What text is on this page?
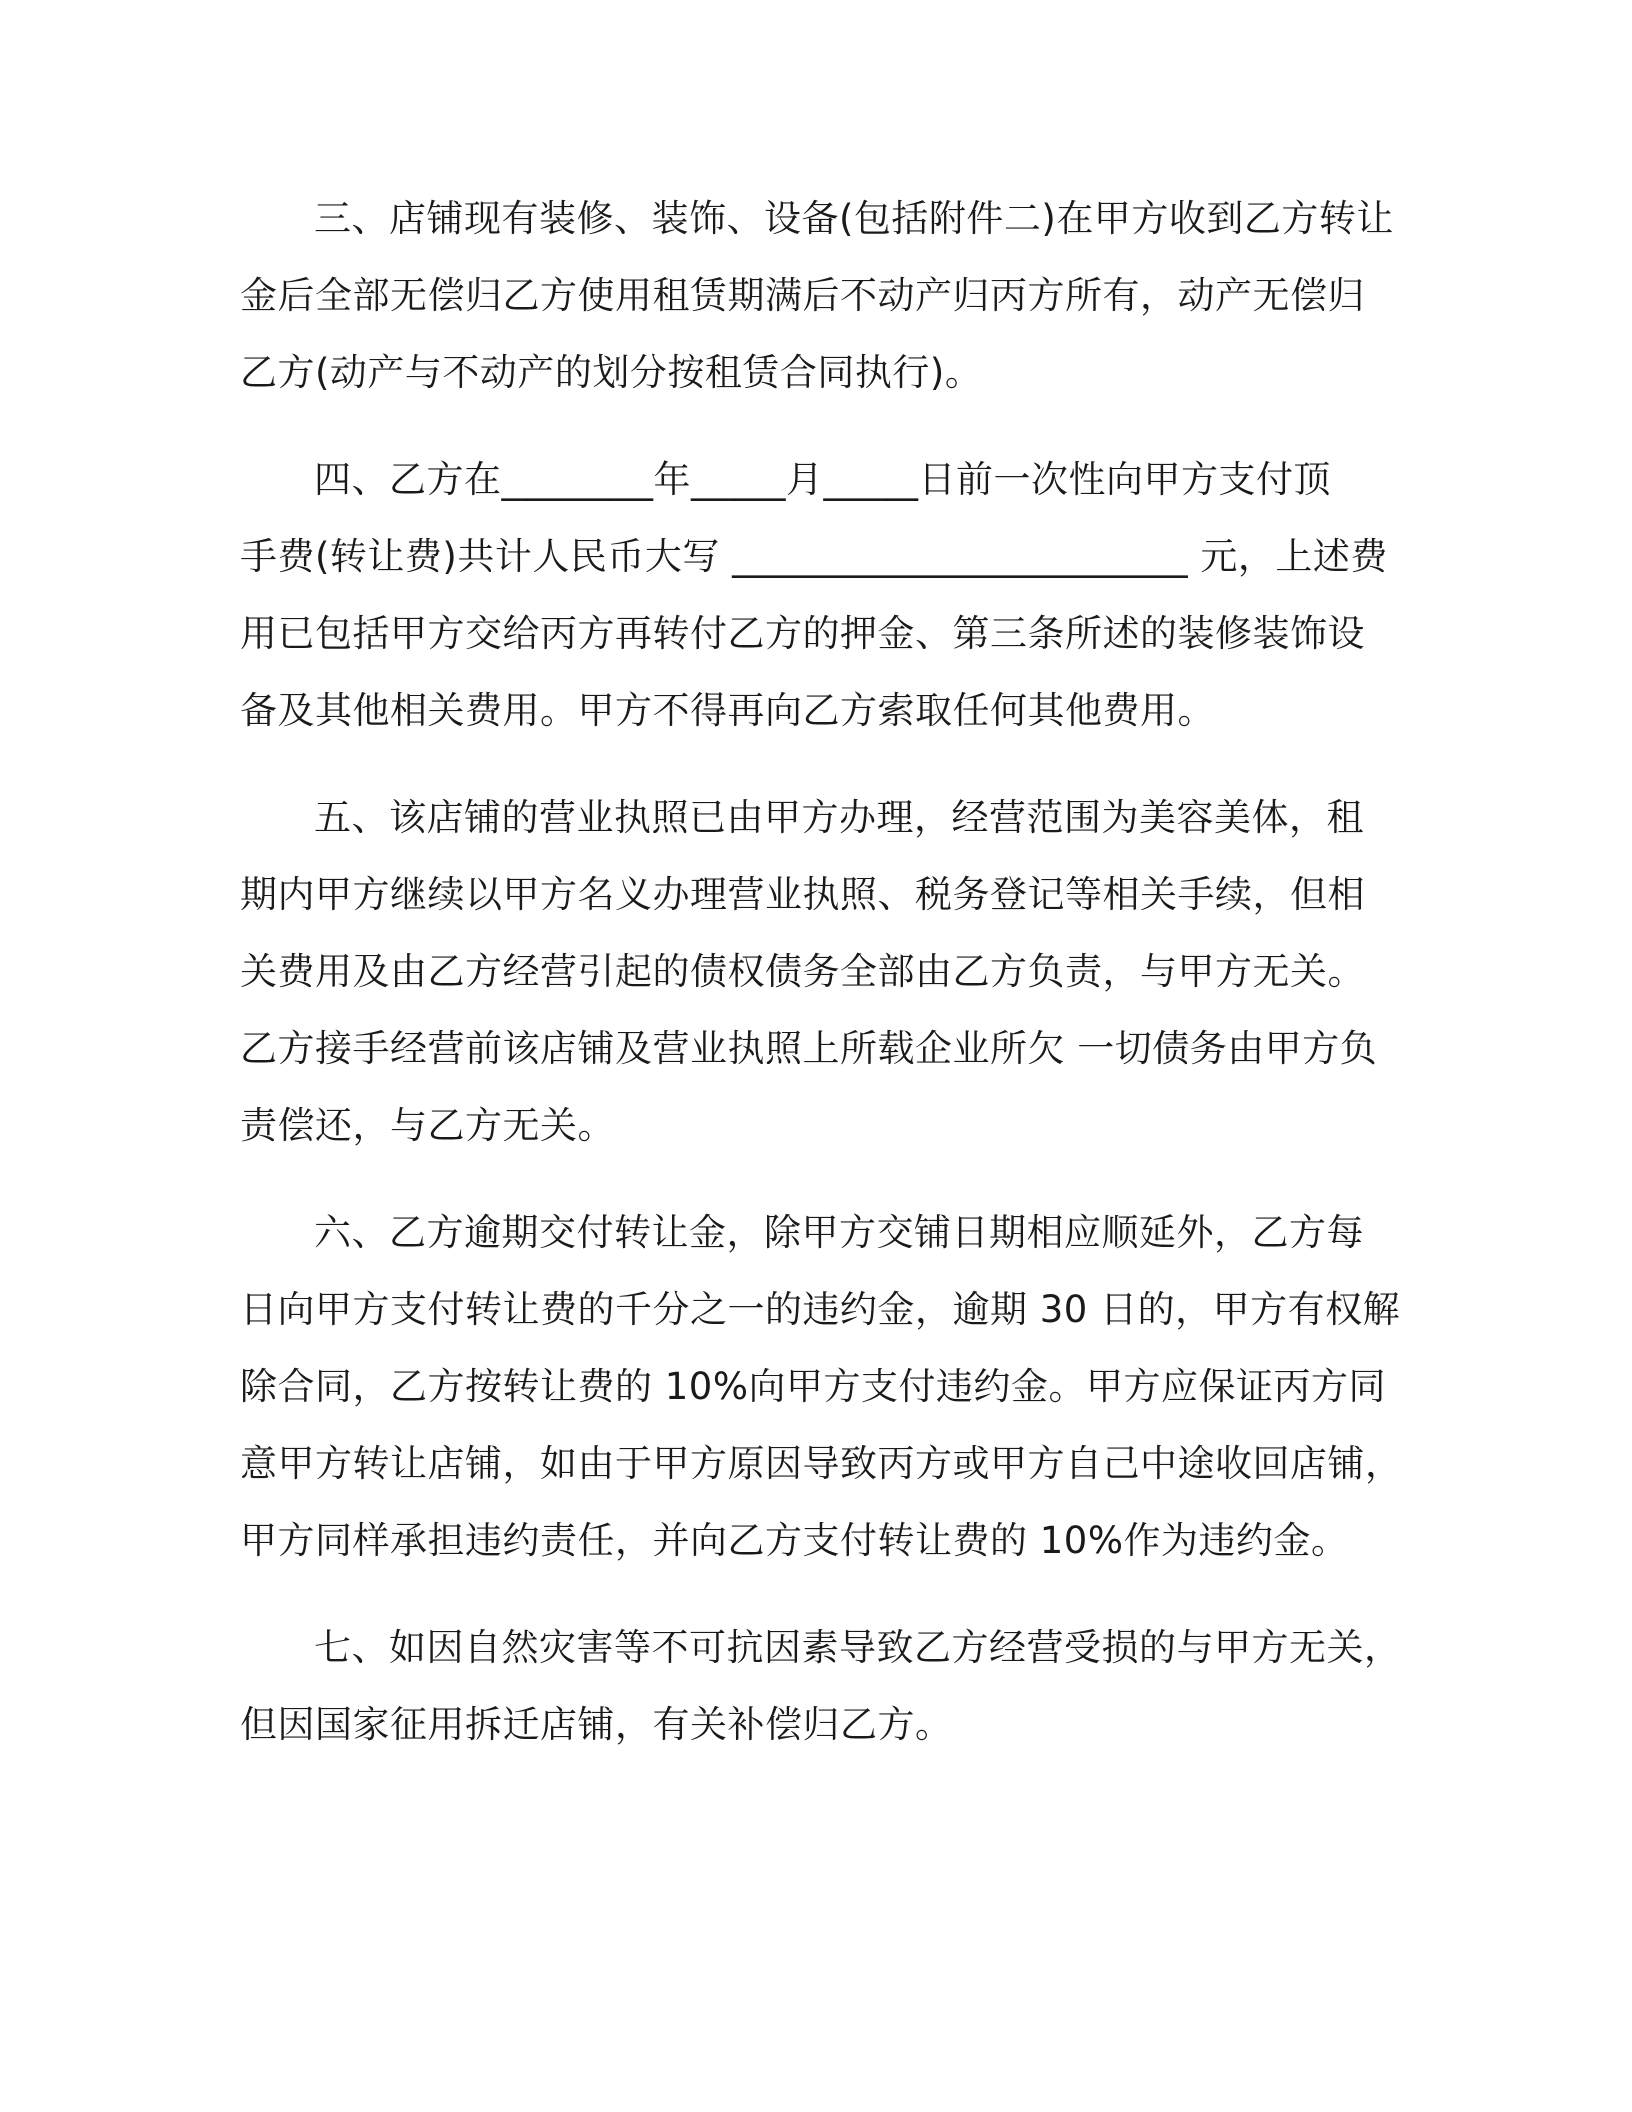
三、店铺现有装修、装饰、设备(包括附件二)在甲方收到乙方转让
金后全部无偿归乙方使用租赁期满后不动产归丙方所有，动产无偿归
乙方(动产与不动产的划分按租赁合同执行)。
四、乙方在________年_____月_____日前一次性向甲方支付顶
手费(转让费)共计人民币大写 ________________________ 元，上述费
用已包括甲方交给丙方再转付乙方的押金、第三条所述的装修装饰设
备及其他相关费用。甲方不得再向乙方索取任何其他费用。
五、该店铺的营业执照已由甲方办理，经营范围为美容美体，租
期内甲方继续以甲方名义办理营业执照、税务登记等相关手续，但相
关费用及由乙方经营引起的债权债务全部由乙方负责，与甲方无关。
乙方接手经营前该店铺及营业执照上所载企业所欠 一切债务由甲方负
责偿还，与乙方无关。
六、乙方逾期交付转让金，除甲方交铺日期相应顺延外，乙方每
日向甲方支付转让费的千分之一的违约金，逾期 30 日的，甲方有权解
除合同，乙方按转让费的 10%向甲方支付违约金。甲方应保证丙方同
意甲方转让店铺，如由于甲方原因导致丙方或甲方自己中途收回店铺，
甲方同样承担违约责任，并向乙方支付转让费的 10%作为违约金。
七、如因自然灾害等不可抗因素导致乙方经营受损的与甲方无关，
但因国家征用拆迁店铺，有关补偿归乙方。
